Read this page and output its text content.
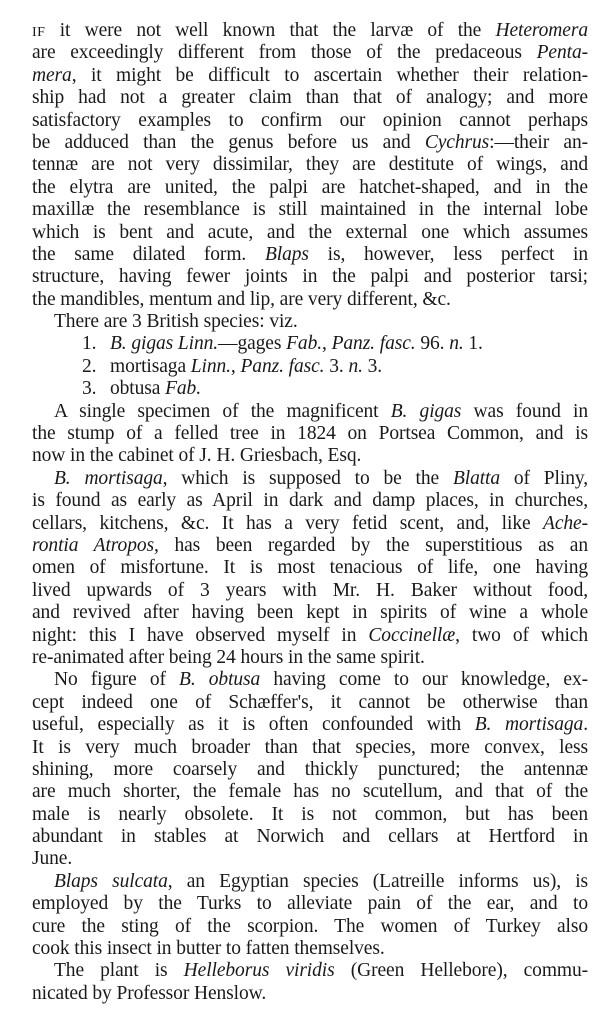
IF it were not well known that the larvæ of the Heteromera
are exceedingly different from those of the predaceous Penta-
mera, it might be difficult to ascertain whether their relation-
ship had not a greater claim than that of analogy; and more
satisfactory examples to confirm our opinion cannot perhaps
be adduced than the genus before us and Cychrus:—their an-
tennæ are not very dissimilar, they are destitute of wings, and
the elytra are united, the palpi are hatchet-shaped, and in the
maxillæ the resemblance is still maintained in the internal lobe
which is bent and acute, and the external one which assumes
the same dilated form. Blaps is, however, less perfect in
structure, having fewer joints in the palpi and posterior tarsi;
the mandibles, mentum and lip, are very different, &c.
There are 3 British species: viz.
1. B. gigas Linn.—gages Fab., Panz. fasc. 96. n. 1.
2. mortisaga Linn., Panz. fasc. 3. n. 3.
3. obtusa Fab.
A single specimen of the magnificent B. gigas was found in
the stump of a felled tree in 1824 on Portsea Common, and is
now in the cabinet of J. H. Griesbach, Esq.
B. mortisaga, which is supposed to be the Blatta of Pliny,
is found as early as April in dark and damp places, in churches,
cellars, kitchens, &c. It has a very fetid scent, and, like Ache-
rontia Atropos, has been regarded by the superstitious as an
omen of misfortune. It is most tenacious of life, one having
lived upwards of 3 years with Mr. H. Baker without food,
and revived after having been kept in spirits of wine a whole
night: this I have observed myself in Coccinellæ, two of which
re-animated after being 24 hours in the same spirit.
No figure of B. obtusa having come to our knowledge, ex-
cept indeed one of Schæffer's, it cannot be otherwise than
useful, especially as it is often confounded with B. mortisaga.
It is very much broader than that species, more convex, less
shining, more coarsely and thickly punctured; the antennæ
are much shorter, the female has no scutellum, and that of the
male is nearly obsolete. It is not common, but has been
abundant in stables at Norwich and cellars at Hertford in
June.
Blaps sulcata, an Egyptian species (Latreille informs us), is
employed by the Turks to alleviate pain of the ear, and to
cure the sting of the scorpion. The women of Turkey also
cook this insect in butter to fatten themselves.
The plant is Helleborus viridis (Green Hellebore), commu-
nicated by Professor Henslow.
